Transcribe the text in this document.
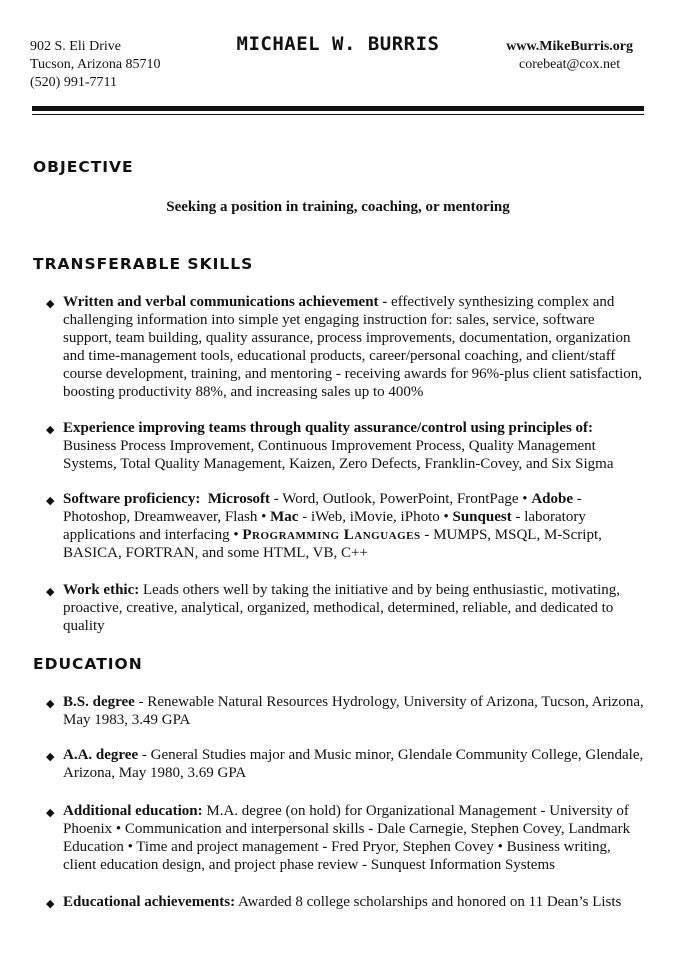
902 S. Eli Drive
Tucson, Arizona 85710
(520) 991-7711
MICHAEL W. BURRIS	www.MikeBurris.org
corebeat@cox.net
OBJECTIVE
Seeking a position in training, coaching, or mentoring
TRANSFERABLE SKILLS
◆ Written and verbal communications achievement - effectively synthesizing complex and challenging information into simple yet engaging instruction for: sales, service, software support, team building, quality assurance, process improvements, documentation, organization and time-management tools, educational products, career/personal coaching, and client/staff course development, training, and mentoring - receiving awards for 96%-plus client satisfaction, boosting productivity 88%, and increasing sales up to 400%
◆ Experience improving teams through quality assurance/control using principles of: Business Process Improvement, Continuous Improvement Process, Quality Management Systems, Total Quality Management, Kaizen, Zero Defects, Franklin-Covey, and Six Sigma
◆ Software proficiency: Microsoft - Word, Outlook, PowerPoint, FrontPage • Adobe - Photoshop, Dreamweaver, Flash • Mac - iWeb, iMovie, iPhoto • Sunquest - laboratory applications and interfacing • Programming Languages - MUMPS, MSQL, M-Script, BASICA, FORTRAN, and some HTML, VB, C++
◆ Work ethic: Leads others well by taking the initiative and by being enthusiastic, motivating, proactive, creative, analytical, organized, methodical, determined, reliable, and dedicated to quality
EDUCATION
◆ B.S. degree - Renewable Natural Resources Hydrology, University of Arizona, Tucson, Arizona, May 1983, 3.49 GPA
◆ A.A. degree - General Studies major and Music minor, Glendale Community College, Glendale, Arizona, May 1980, 3.69 GPA
◆ Additional education: M.A. degree (on hold) for Organizational Management - University of Phoenix • Communication and interpersonal skills - Dale Carnegie, Stephen Covey, Landmark Education • Time and project management - Fred Pryor, Stephen Covey • Business writing, client education design, and project phase review - Sunquest Information Systems
◆ Educational achievements: Awarded 8 college scholarships and honored on 11 Dean’s Lists
